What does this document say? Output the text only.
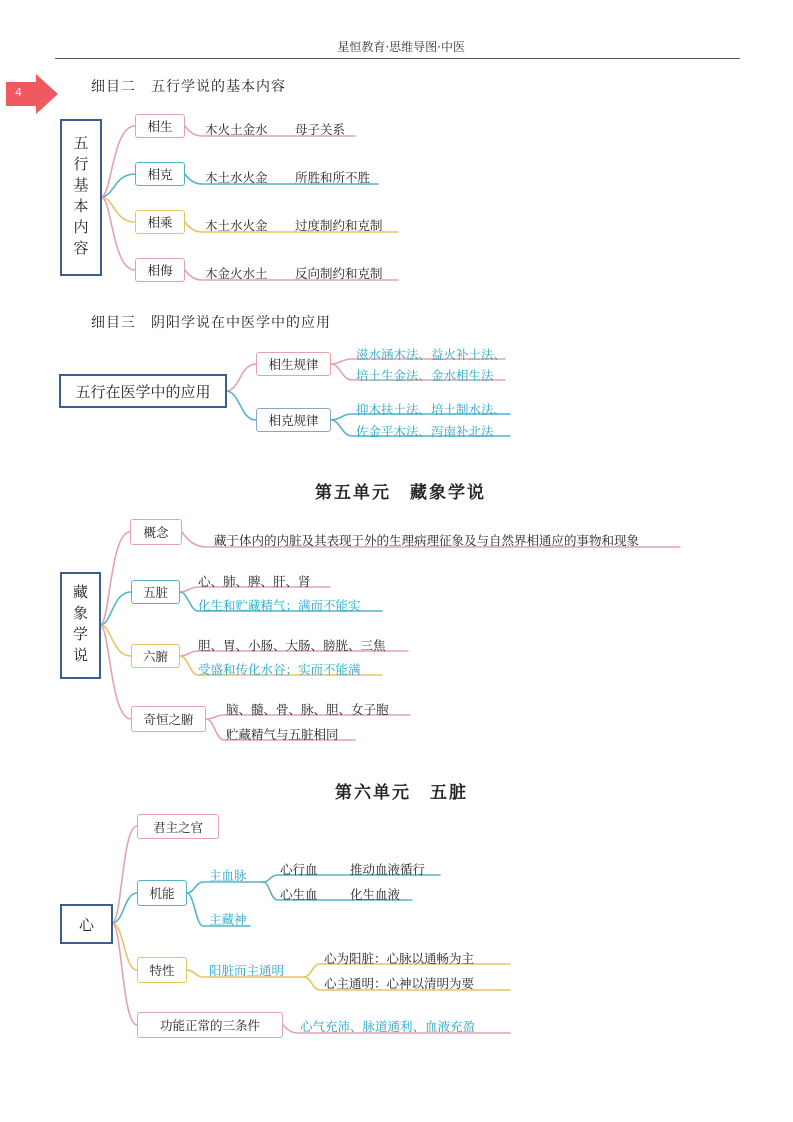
星恒教育·思维导图·中医
4	细目二　五行学说的基本内容
五行基本内容
相生	木火土金水 母子关系
相克	木土水火金 所胜和所不胜
相乘	木土水火金 过度制约和克制
相侮	木金火水土 反向制约和克制
细目三　阴阳学说在中医学中的应用
五行在医学中的应用
相生规律
滋水涵木法、益火补土法、
培土生金法、金水相生法
相克规律
抑木扶土法、培土制水法、
佐金平木法、泻南补北法
第五单元　藏象学说
藏象学说
概念
藏于体内的内脏及其表现于外的生理病理征象及与自然界相通应的事物和现象
五脏
心、肺、脾、肝、肾
化生和贮藏精气；满而不能实
六腑
胆、胃、小肠、大肠、膀胱、三焦
受盛和传化水谷；实而不能满
奇恒之腑
脑、髓、骨、脉、胆、女子胞
贮藏精气与五脏相同
第六单元　五脏
心
君主之官
机能
主血脉	心行血	推动血液循行
心生血	化生血液
主藏神
特性	阳脏而主通明
心为阳脏：心脉以通畅为主
心主通明：心神以清明为要
功能正常的三条件	心气充沛、脉道通利、血液充盈
